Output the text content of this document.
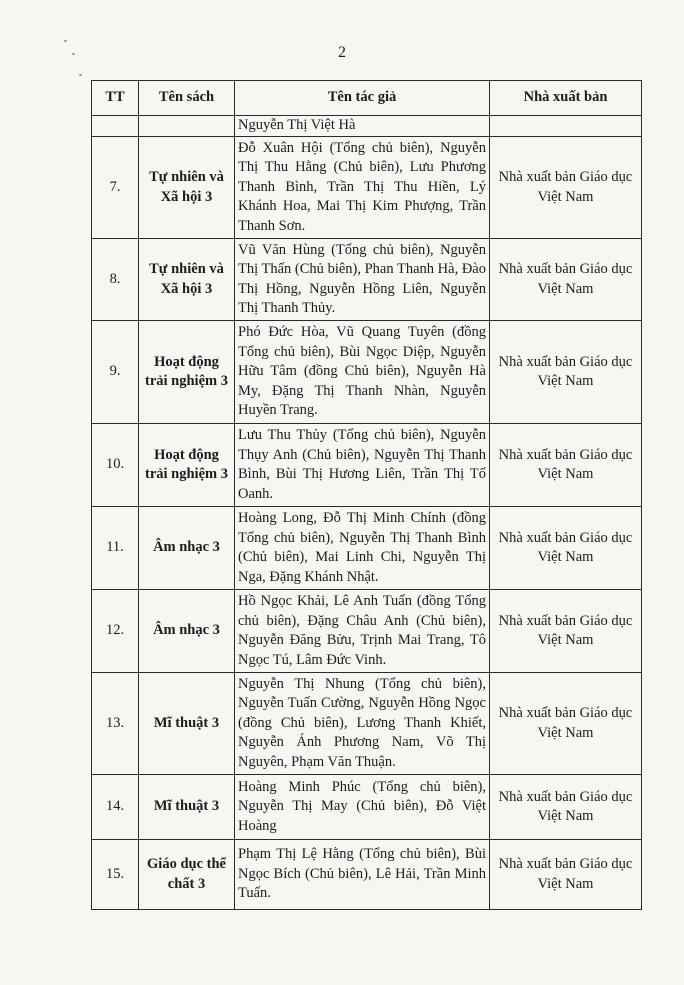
2
TT	Tên sách	Tên tác giả	Nhà xuất bản
		Nguyễn Thị Việt Hà	
7.	Tự nhiên và Xã hội 3	Đỗ Xuân Hội (Tổng chủ biên), Nguyễn Thị Thu Hằng (Chủ biên), Lưu Phương Thanh Bình, Trần Thị Thu Hiền, Lý Khánh Hoa, Mai Thị Kim Phượng, Trần Thanh Sơn.	Nhà xuất bản Giáo dục Việt Nam
8.	Tự nhiên và Xã hội 3	Vũ Văn Hùng (Tổng chủ biên), Nguyễn Thị Thấn (Chủ biên), Phan Thanh Hà, Đào Thị Hồng, Nguyễn Hồng Liên, Nguyễn Thị Thanh Thủy.	Nhà xuất bản Giáo dục Việt Nam
9.	Hoạt động trải nghiệm 3	Phó Đức Hòa, Vũ Quang Tuyên (đồng Tổng chủ biên), Bùi Ngọc Diệp, Nguyễn Hữu Tâm (đồng Chủ biên), Nguyễn Hà My, Đặng Thị Thanh Nhàn, Nguyễn Huyền Trang.	Nhà xuất bản Giáo dục Việt Nam
10.	Hoạt động trải nghiệm 3	Lưu Thu Thủy (Tổng chủ biên), Nguyễn Thụy Anh (Chủ biên), Nguyễn Thị Thanh Bình, Bùi Thị Hương Liên, Trần Thị Tố Oanh.	Nhà xuất bản Giáo dục Việt Nam
11.	Âm nhạc 3	Hoàng Long, Đỗ Thị Minh Chính (đồng Tổng chủ biên), Nguyễn Thị Thanh Bình (Chủ biên), Mai Linh Chi, Nguyễn Thị Nga, Đặng Khánh Nhật.	Nhà xuất bản Giáo dục Việt Nam
12.	Âm nhạc 3	Hồ Ngọc Khải, Lê Anh Tuấn (đồng Tổng chủ biên), Đặng Châu Anh (Chủ biên), Nguyễn Đăng Bửu, Trịnh Mai Trang, Tô Ngọc Tú, Lâm Đức Vinh.	Nhà xuất bản Giáo dục Việt Nam
13.	Mĩ thuật 3	Nguyễn Thị Nhung (Tổng chủ biên), Nguyễn Tuấn Cường, Nguyễn Hồng Ngọc (đồng Chủ biên), Lương Thanh Khiết, Nguyễn Ánh Phương Nam, Võ Thị Nguyên, Phạm Văn Thuận.	Nhà xuất bản Giáo dục Việt Nam
14.	Mĩ thuật 3	Hoàng Minh Phúc (Tổng chủ biên), Nguyễn Thị May (Chủ biên), Đỗ Việt Hoàng	Nhà xuất bản Giáo dục Việt Nam
15.	Giáo dục thể chất 3	Phạm Thị Lệ Hằng (Tổng chủ biên), Bùi Ngọc Bích (Chủ biên), Lê Hải, Trần Minh Tuấn.	Nhà xuất bản Giáo dục Việt Nam
